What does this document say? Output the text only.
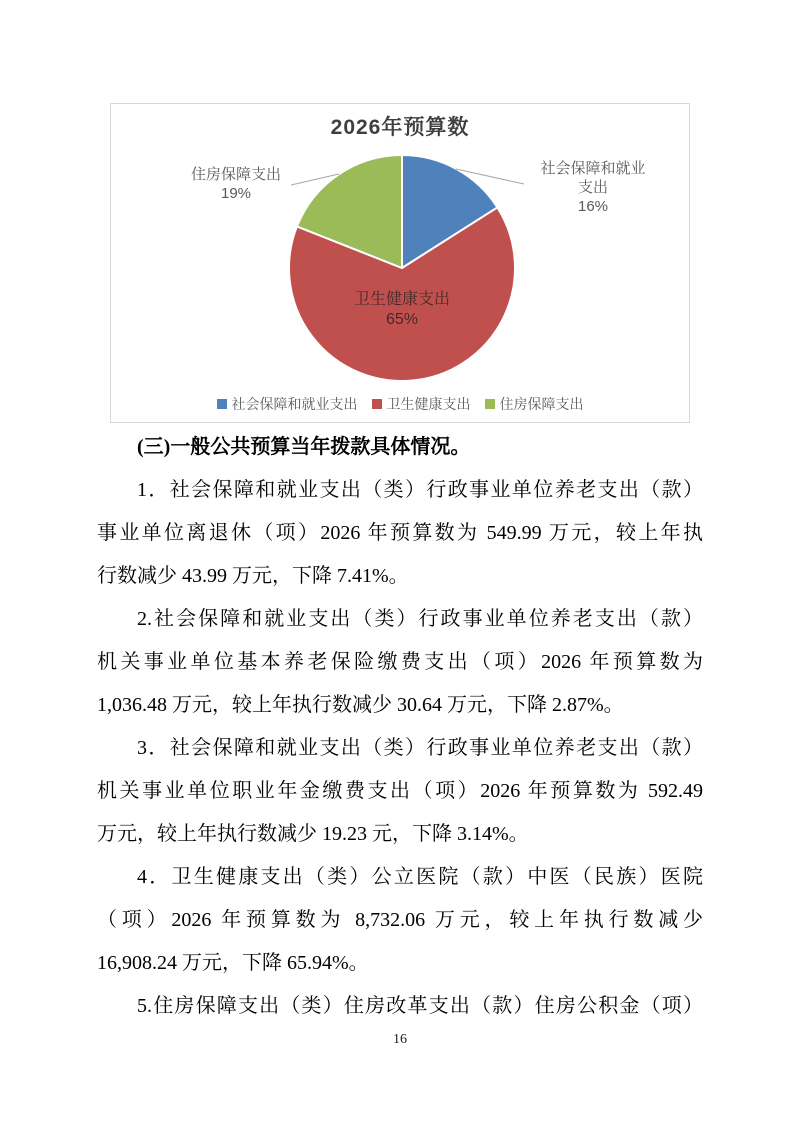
2026年预算数
住房保障支出
19%
社会保障和就业
支出
16%
卫生健康支出
65%
社会保障和就业支出 卫生健康支出 住房保障支出
(三)一般公共预算当年拨款具体情况。
1．社会保障和就业支出（类）行政事业单位养老支出（款）
事业单位离退休（项）2026 年预算数为 549.99 万元，较上年执
行数减少 43.99 万元，下降 7.41%。
2.社会保障和就业支出（类）行政事业单位养老支出（款）
机关事业单位基本养老保险缴费支出（项）2026 年预算数为
1,036.48 万元，较上年执行数减少 30.64 万元，下降 2.87%。
3．社会保障和就业支出（类）行政事业单位养老支出（款）
机关事业单位职业年金缴费支出（项）2026 年预算数为 592.49
万元，较上年执行数减少 19.23 元，下降 3.14%。
4．卫生健康支出（类）公立医院（款）中医（民族）医院
（项）2026 年预算数为 8,732.06 万元，较上年执行数减少
16,908.24 万元，下降 65.94%。
5.住房保障支出（类）住房改革支出（款）住房公积金（项）
16
